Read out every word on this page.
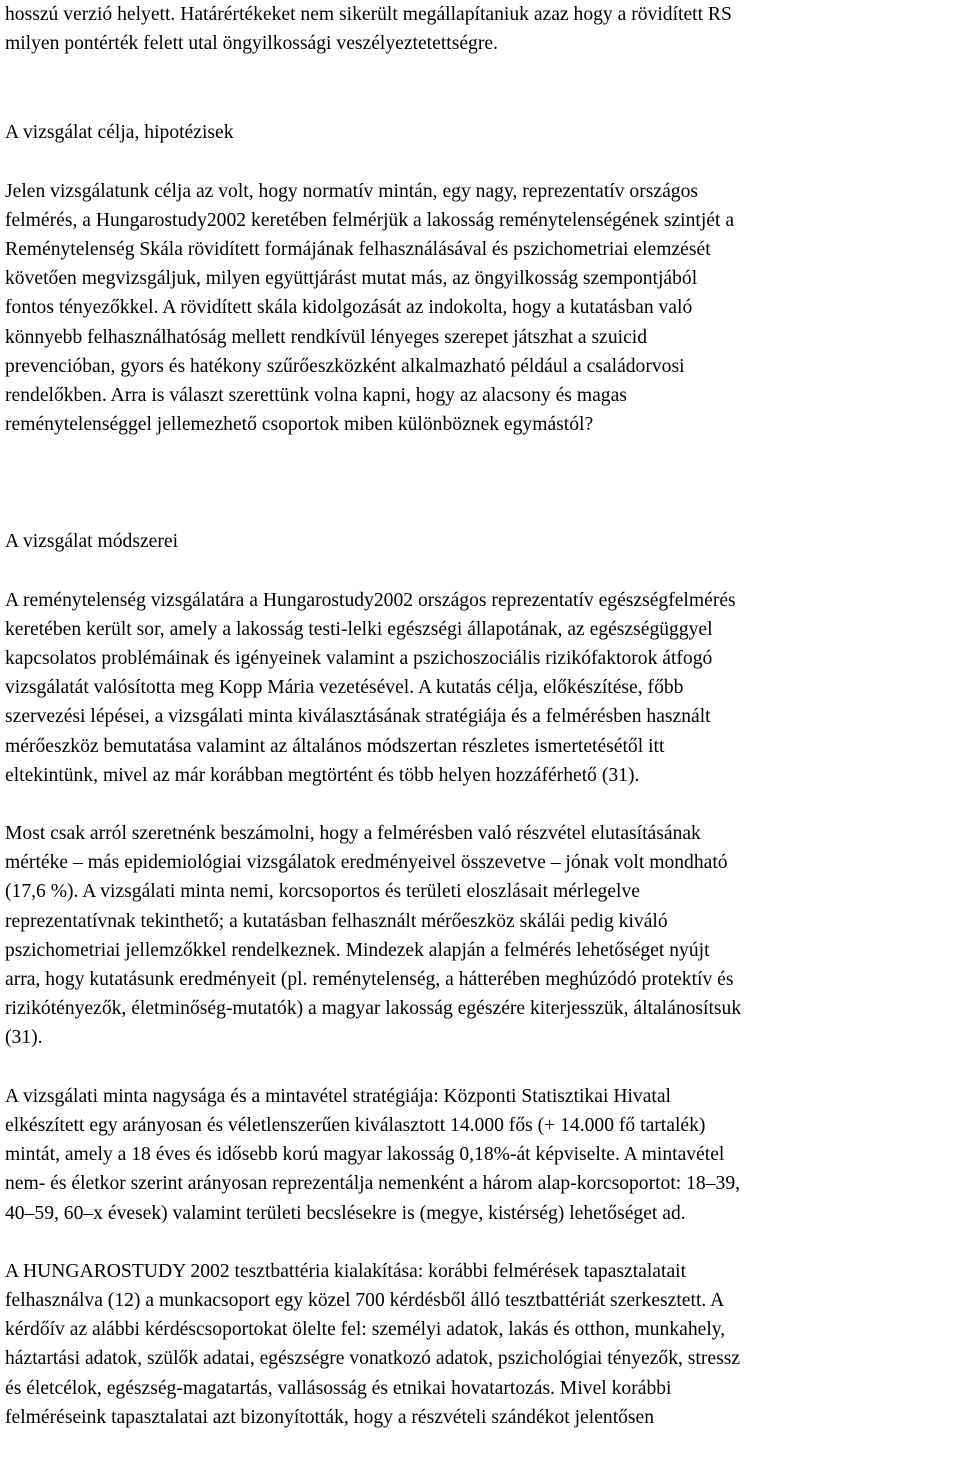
hosszú verzió helyett. Határértékeket nem sikerült megállapítaniuk azaz hogy a rövidített RS
milyen pontérték felett utal öngyilkossági veszélyeztetettségre.

A vizsgálat célja, hipotézisek

Jelen vizsgálatunk célja az volt, hogy normatív mintán, egy nagy, reprezentatív országos
felmérés, a Hungarostudy2002 keretében felmérjük a lakosság reménytelenségének szintjét a
Reménytelenség Skála rövidített formájának felhasználásával és pszichometriai elemzését
követően megvizsgáljuk, milyen együttjárást mutat más, az öngyilkosság szempontjából
fontos tényezőkkel. A rövidített skála kidolgozását az indokolta, hogy a kutatásban való
könnyebb felhasználhatóság mellett rendkívül lényeges szerepet játszhat a szuicid
prevencióban, gyors és hatékony szűrőeszközként alkalmazható például a családorvosi
rendelőkben. Arra is választ szerettünk volna kapni, hogy az alacsony és magas
reménytelenséggel jellemezhető csoportok miben különböznek egymástól?

A vizsgálat módszerei

A reménytelenség vizsgálatára a Hungarostudy2002 országos reprezentatív egészségfelmérés
keretében került sor, amely a lakosság testi-lelki egészségi állapotának, az egészségüggyel
kapcsolatos problémáinak és igényeinek valamint a pszichoszociális rizikófaktorok átfogó
vizsgálatát valósította meg Kopp Mária vezetésével. A kutatás célja, előkészítése, főbb
szervezési lépései, a vizsgálati minta kiválasztásának stratégiája és a felmérésben használt
mérőeszköz bemutatása valamint az általános módszertan részletes ismertetésétől itt
eltekintünk, mivel az már korábban megtörtént és több helyen hozzáférhető (31).

Most csak arról szeretnénk beszámolni, hogy a felmérésben való részvétel elutasításának
mértéke – más epidemiológiai vizsgálatok eredményeivel összevetve – jónak volt mondható
(17,6 %). A vizsgálati minta nemi, korcsoportos és területi eloszlásait mérlegelve
reprezentatívnak tekinthető; a kutatásban felhasznált mérőeszköz skálái pedig kiváló
pszichometriai jellemzőkkel rendelkeznek. Mindezek alapján a felmérés lehetőséget nyújt
arra, hogy kutatásunk eredményeit (pl. reménytelenség, a hátterében meghúzódó protektív és
rizikótényezők, életminőség-mutatók) a magyar lakosság egészére kiterjesszük, általánosítsuk
(31).

A vizsgálati minta nagysága és a mintavétel stratégiája: Központi Statisztikai Hivatal
elkészített egy arányosan és véletlenszerűen kiválasztott 14.000 fős (+ 14.000 fő tartalék)
mintát, amely a 18 éves és idősebb korú magyar lakosság 0,18%-át képviselte. A mintavétel
nem- és életkor szerint arányosan reprezentálja nemenként a három alap-korcsoportot: 18–39,
40–59, 60–x évesek) valamint területi becslésekre is (megye, kistérség) lehetőséget ad.

A HUNGAROSTUDY 2002 tesztbattéria kialakítása: korábbi felmérések tapasztalatait
felhasználva (12) a munkacsoport egy közel 700 kérdésből álló tesztbattériát szerkesztett. A
kérdőív az alábbi kérdéscsoportokat ölelte fel: személyi adatok, lakás és otthon, munkahely,
háztartási adatok, szülők adatai, egészségre vonatkozó adatok, pszichológiai tényezők, stressz
és életcélok, egészség-magatartás, vallásosság és etnikai hovatartozás. Mivel korábbi
felméréseink tapasztalatai azt bizonyították, hogy a részvételi szándékot jelentősen
